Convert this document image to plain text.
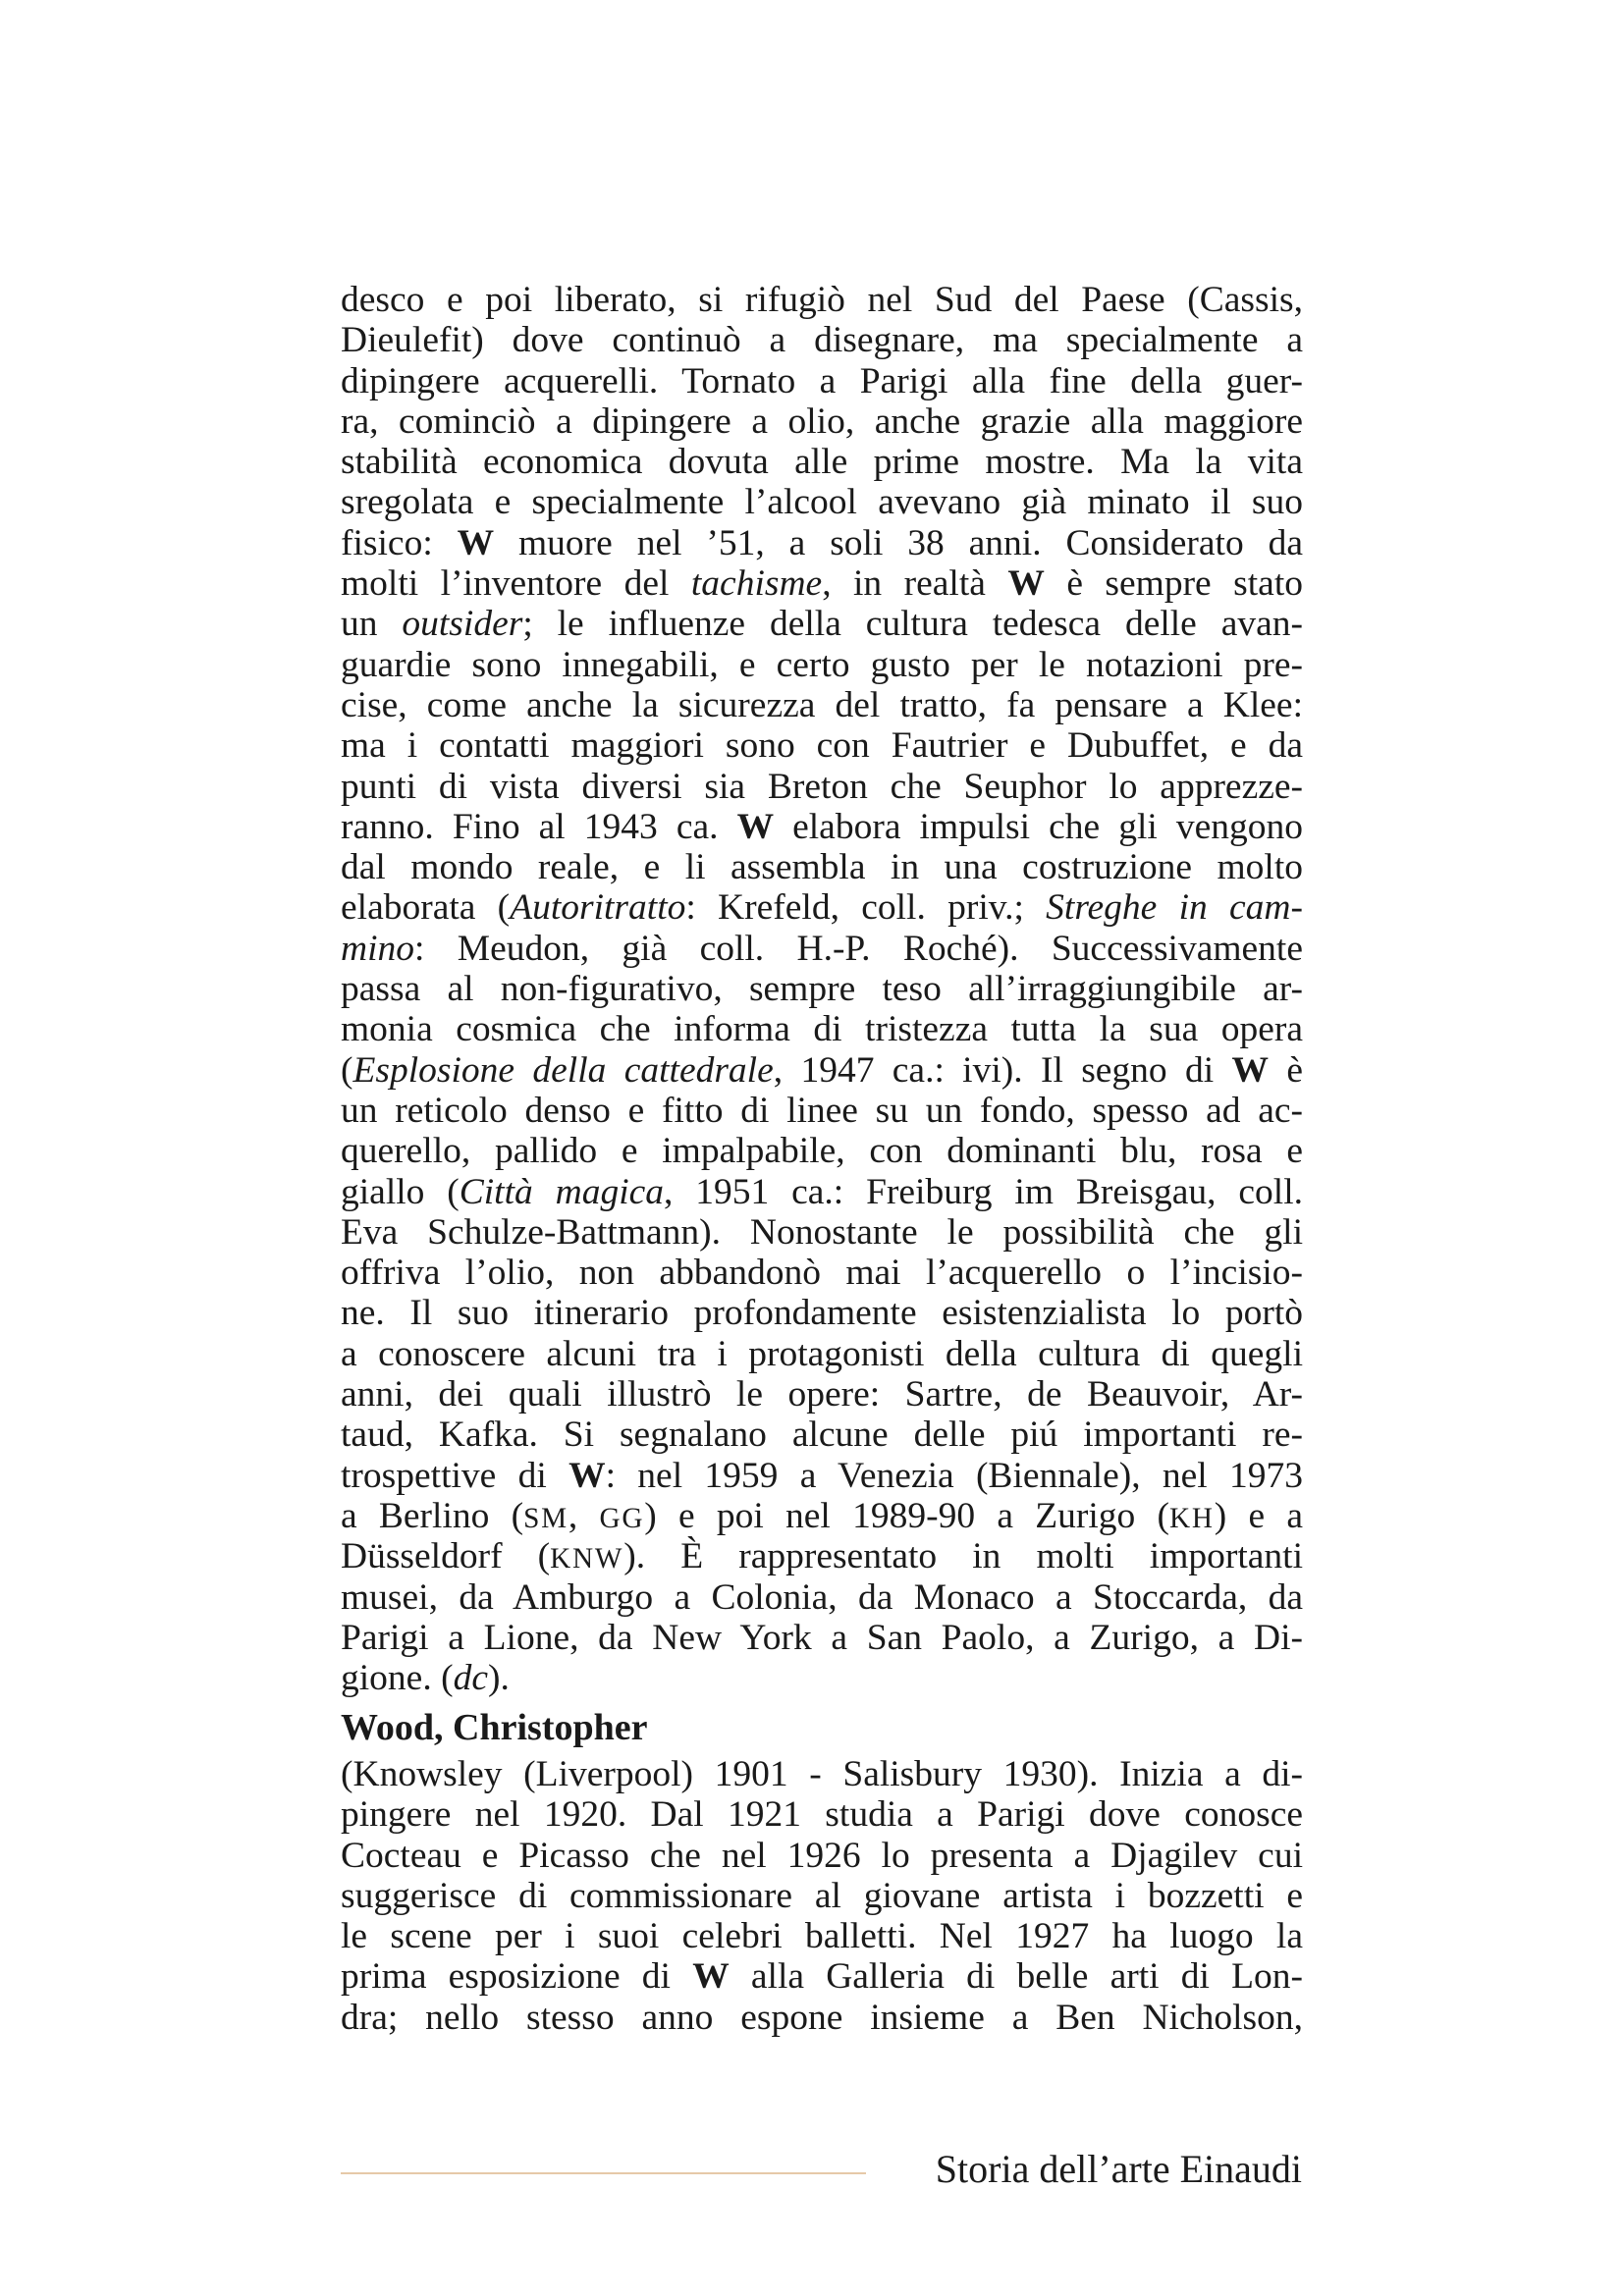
desco e poi liberato, si rifugiò nel Sud del Paese (Cassis,
Dieulefit) dove continuò a disegnare, ma specialmente a
dipingere acquerelli. Tornato a Parigi alla fine della guer-
ra, cominciò a dipingere a olio, anche grazie alla maggiore
stabilità economica dovuta alle prime mostre. Ma la vita
sregolata e specialmente l’alcool avevano già minato il suo
fisico: W muore nel ’51, a soli 38 anni. Considerato da
molti l’inventore del tachisme, in realtà W è sempre stato
un outsider; le influenze della cultura tedesca delle avan-
guardie sono innegabili, e certo gusto per le notazioni pre-
cise, come anche la sicurezza del tratto, fa pensare a Klee:
ma i contatti maggiori sono con Fautrier e Dubuffet, e da
punti di vista diversi sia Breton che Seuphor lo apprezze-
ranno. Fino al 1943 ca. W elabora impulsi che gli vengono
dal mondo reale, e li assembla in una costruzione molto
elaborata (Autoritratto: Krefeld, coll. priv.; Streghe in cam-
mino: Meudon, già coll. H.-P. Roché). Successivamente
passa al non-figurativo, sempre teso all’irraggiungibile ar-
monia cosmica che informa di tristezza tutta la sua opera
(Esplosione della cattedrale, 1947 ca.: ivi). Il segno di W è
un reticolo denso e fitto di linee su un fondo, spesso ad ac-
querello, pallido e impalpabile, con dominanti blu, rosa e
giallo (Città magica, 1951 ca.: Freiburg im Breisgau, coll.
Eva Schulze-Battmann). Nonostante le possibilità che gli
offriva l’olio, non abbandonò mai l’acquerello o l’incisio-
ne. Il suo itinerario profondamente esistenzialista lo portò
a conoscere alcuni tra i protagonisti della cultura di quegli
anni, dei quali illustrò le opere: Sartre, de Beauvoir, Ar-
taud, Kafka. Si segnalano alcune delle piú importanti re-
trospettive di W: nel 1959 a Venezia (Biennale), nel 1973
a Berlino (SM, GG) e poi nel 1989-90 a Zurigo (KH) e a
Düsseldorf (KNW). È rappresentato in molti importanti
musei, da Amburgo a Colonia, da Monaco a Stoccarda, da
Parigi a Lione, da New York a San Paolo, a Zurigo, a Di-
gione. (dc).
Wood, Christopher
(Knowsley (Liverpool) 1901 - Salisbury 1930). Inizia a di-
pingere nel 1920. Dal 1921 studia a Parigi dove conosce
Cocteau e Picasso che nel 1926 lo presenta a Djagilev cui
suggerisce di commissionare al giovane artista i bozzetti e
le scene per i suoi celebri balletti. Nel 1927 ha luogo la
prima esposizione di W alla Galleria di belle arti di Lon-
dra; nello stesso anno espone insieme a Ben Nicholson,
Storia dell’arte Einaudi
